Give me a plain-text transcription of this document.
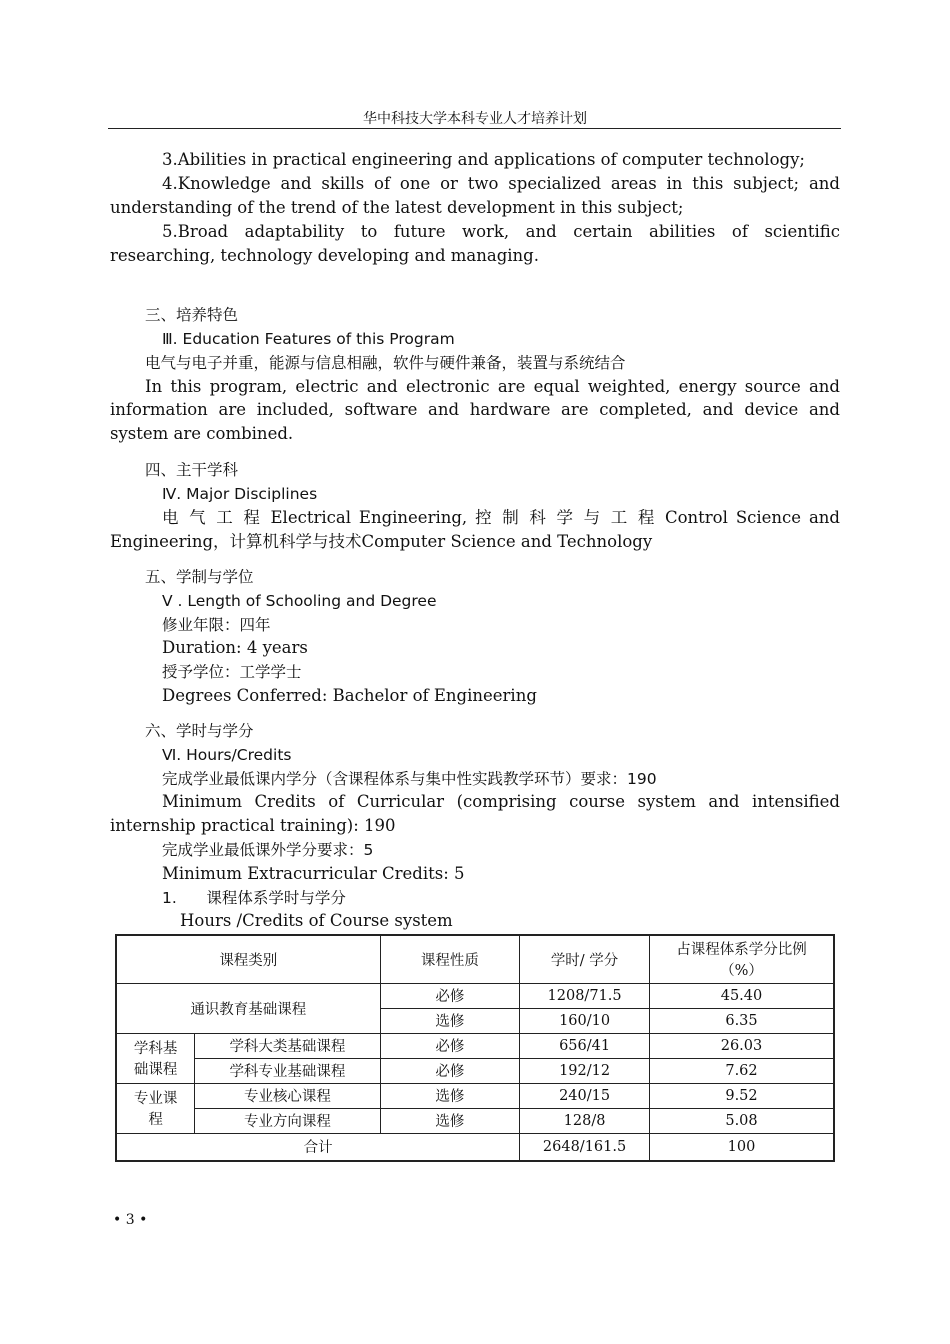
华中科技大学本科专业人才培养计划
3.Abilities in practical engineering and applications of computer technology;
4.Knowledge and skills of one or two specialized areas in this subject; and
understanding of the trend of the latest development in this subject;
5.Broad adaptability to future work, and certain abilities of scientific
researching, technology developing and managing.
三、培养特色
Ⅲ. Education Features of this Program
电气与电子并重，能源与信息相融，软件与硬件兼备，装置与系统结合
In this program, electric and electronic are equal weighted, energy source and
information are included, software and hardware are completed, and device and
system are combined.
四、主干学科
Ⅳ. Major Disciplines
电 气 工 程 Electrical Engineering, 控 制 科 学 与 工 程 Control Science and
Engineering，计算机科学与技术Computer Science and Technology
五、学制与学位
Ⅴ . Length of Schooling and Degree
修业年限：四年
Duration: 4 years
授予学位：工学学士
Degrees Conferred: Bachelor of Engineering
六、学时与学分
Ⅵ. Hours/Credits
完成学业最低课内学分（含课程体系与集中性实践教学环节）要求：190
Minimum Credits of Curricular (comprising course system and intensified
internship practical training): 190
完成学业最低课外学分要求：5
Minimum Extracurricular Credits: 5
1.      课程体系学时与学分
Hours /Credits of Course system
课程类别		课程性质	学时/ 学分	占课程体系学分比例
（%）

通识教育基础课程		必修	1208/71.5	45.40
		选修	160/10	6.35

学科基
础课程	学科大类基础课程	必修	656/41	26.03
	学科专业基础课程	必修	192/12	7.62

专业课
程	专业核心课程	选修	240/15	9.52
	专业方向课程	选修	128/8	5.08
合计			2648/161.5	100
• 3 •
